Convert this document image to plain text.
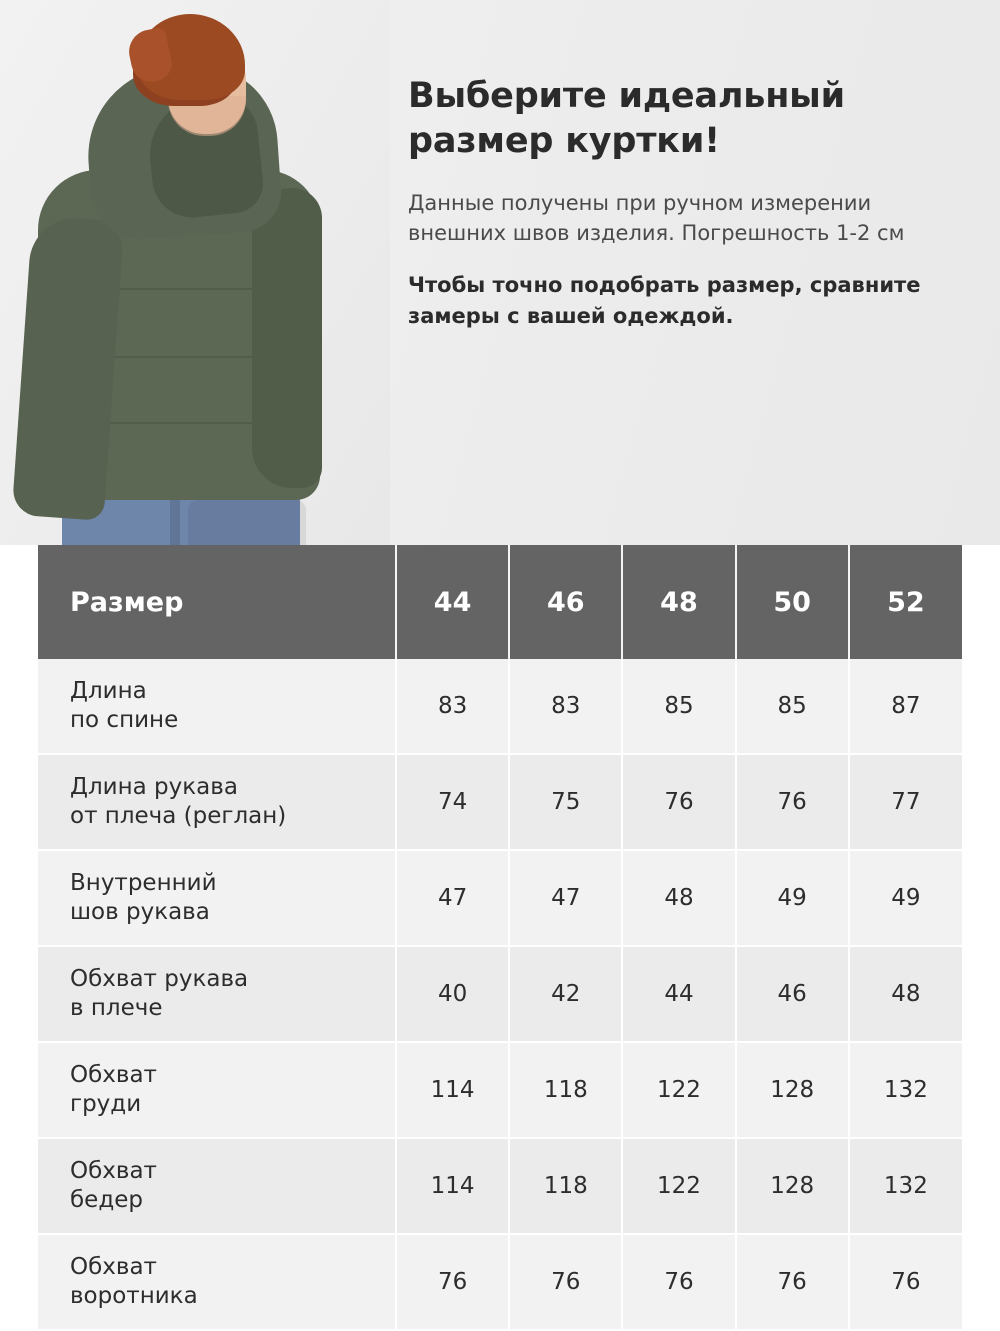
Выберите идеальный размер куртки!

Данные получены при ручном измерении внешних швов изделия. Погрешность 1-2 см

Чтобы точно подобрать размер, сравните замеры с вашей одеждой.

Размер	44	46	48	50	52
Длина
по спине	83	83	85	85	87
Длина рукава
от плеча (реглан)	74	75	76	76	77
Внутренний
шов рукава	47	47	48	49	49
Обхват рукава
в плече	40	42	44	46	48
Обхват
груди	114	118	122	128	132
Обхват
бедер	114	118	122	128	132
Обхват
воротника	76	76	76	76	76
